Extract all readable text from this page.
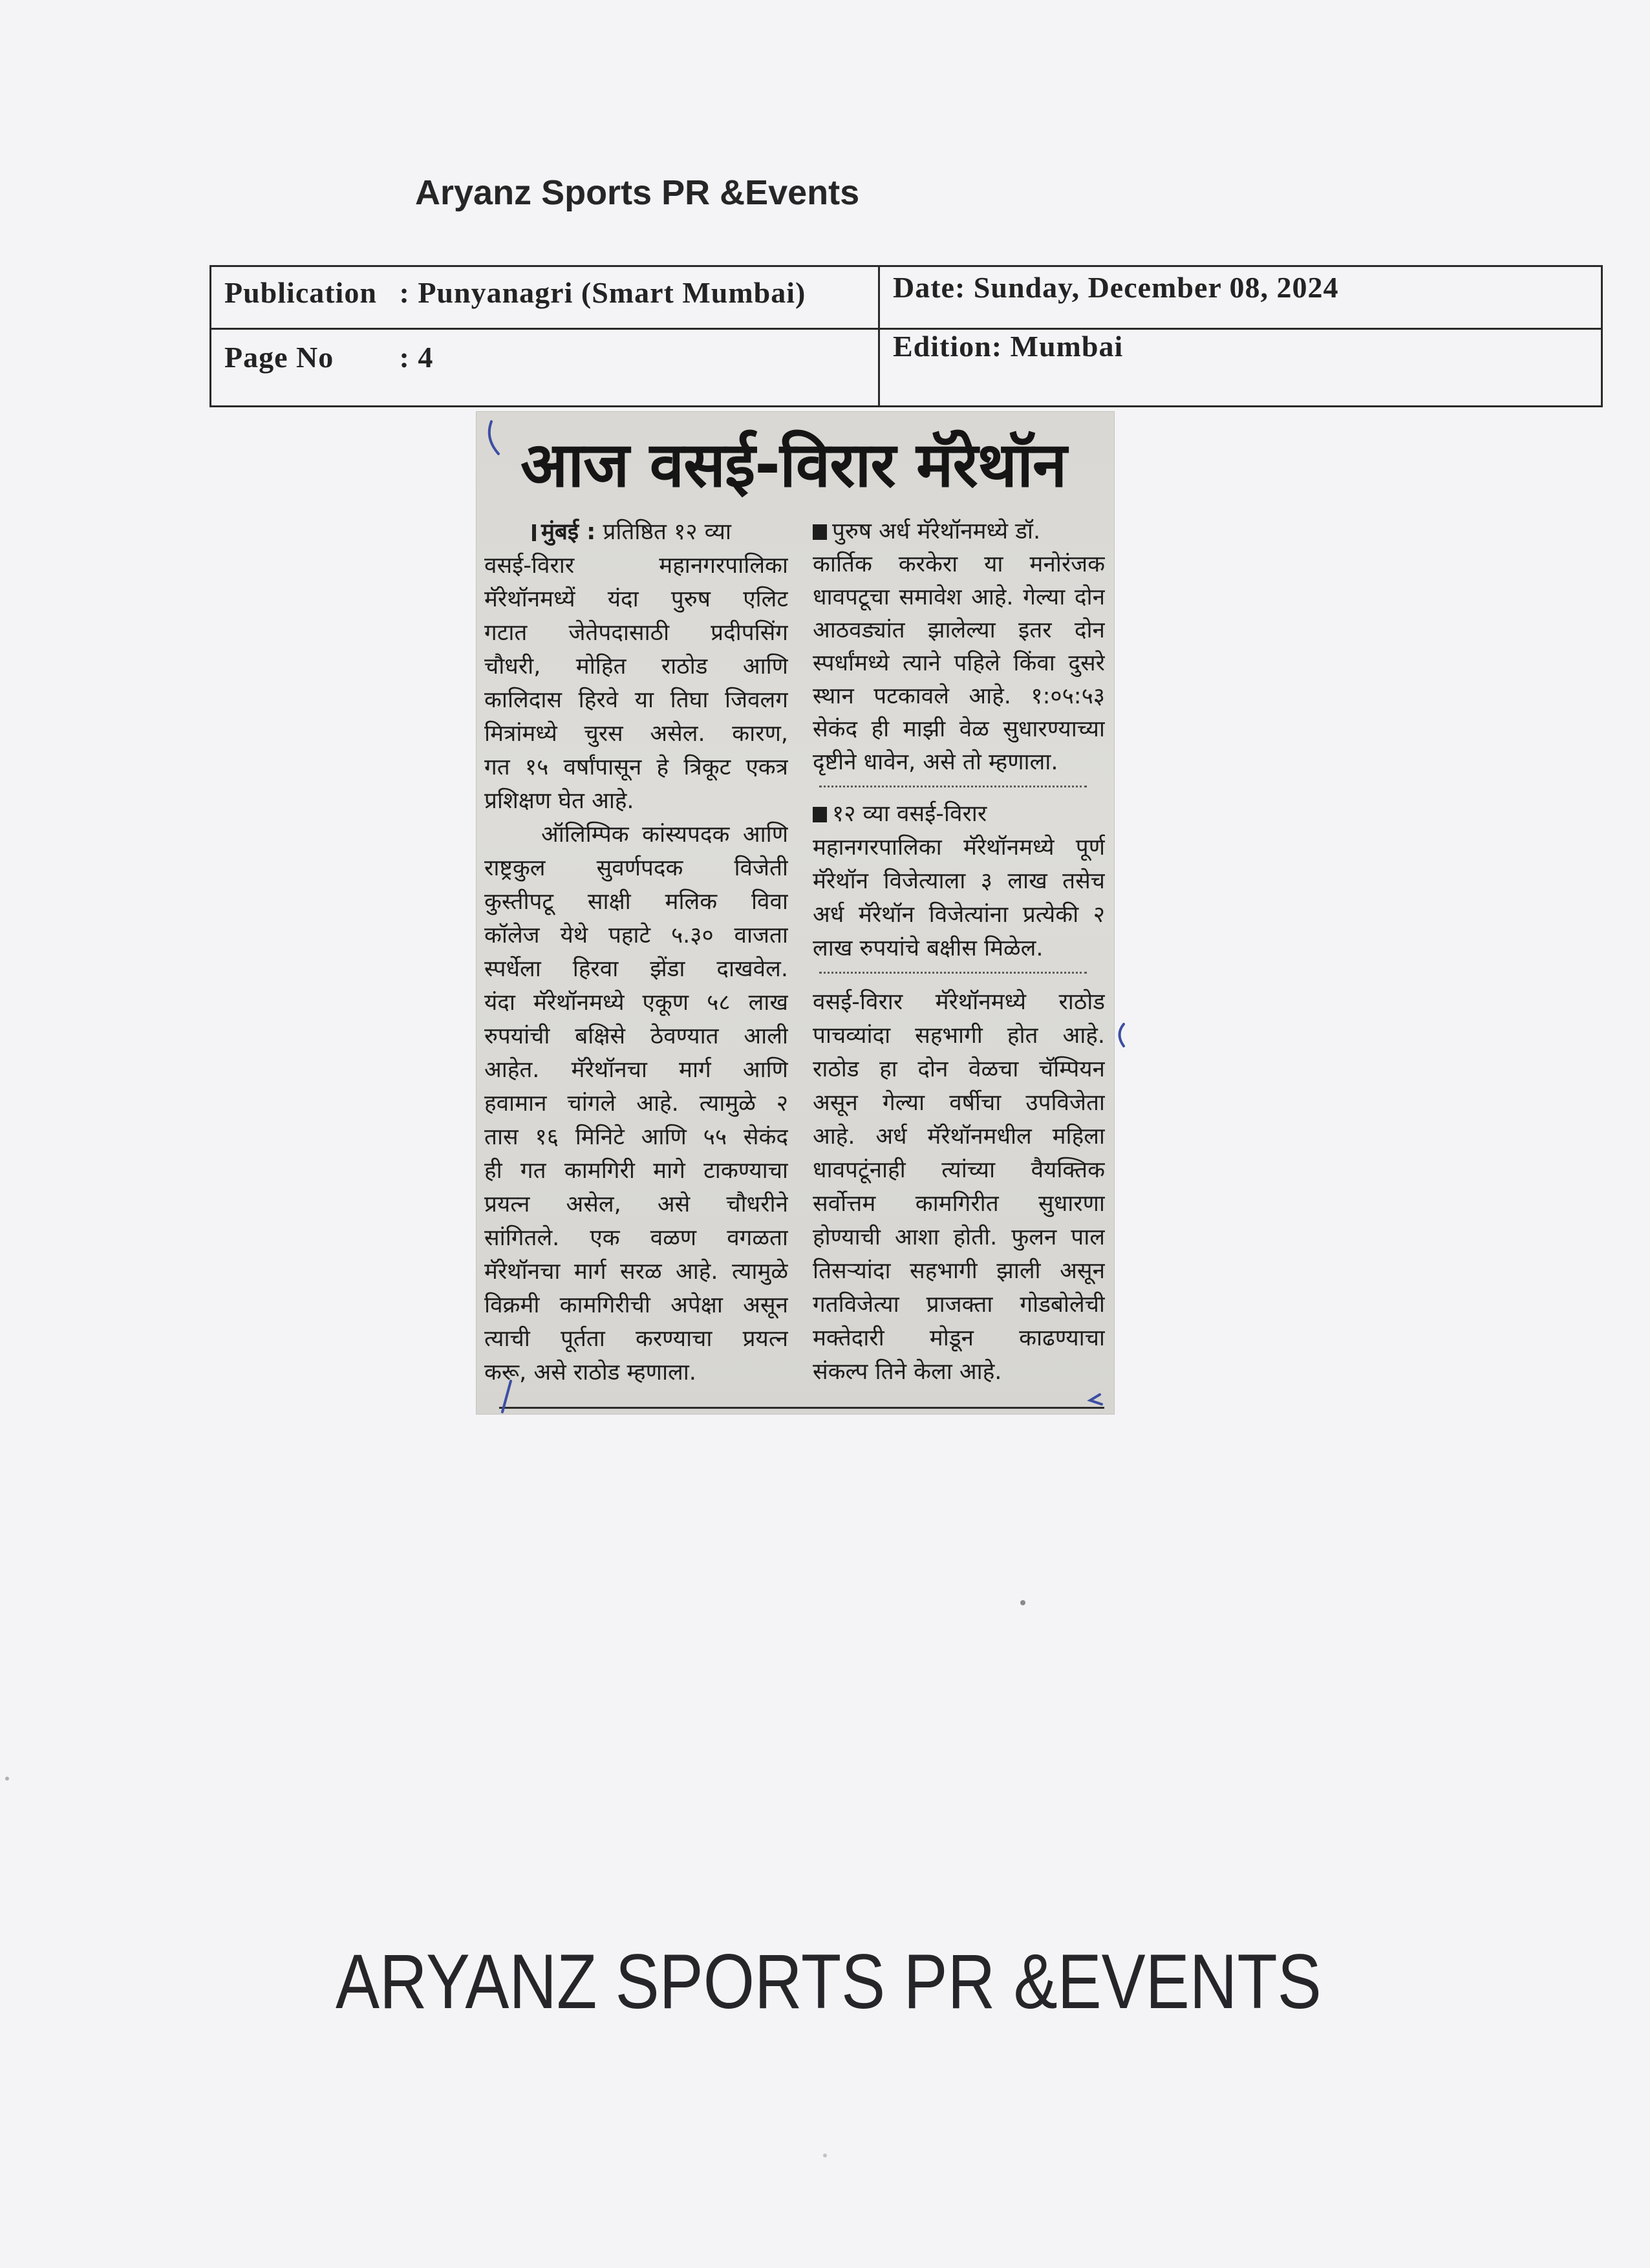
Aryanz Sports PR &Events
Publication : Punyanagri (Smart Mumbai)	Date: Sunday, December 08, 2024
Page No : 4	Edition: Mumbai
आज वसई-विरार मॅरेथॉन
मुंबई : प्रतिष्ठित १२ व्या
वसई-विरार महानगरपालिका
मॅरेथॉनमध्यें यंदा पुरुष एलिट
गटात जेतेपदासाठी प्रदीपसिंग
चौधरी, मोहित राठोड आणि
कालिदास हिरवे या तिघा जिवलग
मित्रांमध्ये चुरस असेल. कारण,
गत १५ वर्षांपासून हे त्रिकूट एकत्र
प्रशिक्षण घेत आहे.
ऑलिम्पिक कांस्यपदक आणि
राष्ट्रकुल सुवर्णपदक विजेती
कुस्तीपटू साक्षी मलिक विवा
कॉलेज येथे पहाटे ५.३० वाजता
स्पर्धेला हिरवा झेंडा दाखवेल.
यंदा मॅरेथॉनमध्ये एकूण ५८ लाख
रुपयांची बक्षिसे ठेवण्यात आली
आहेत. मॅरेथॉनचा मार्ग आणि
हवामान चांगले आहे. त्यामुळे २
तास १६ मिनिटे आणि ५५ सेकंद
ही गत कामगिरी मागे टाकण्याचा
प्रयत्न असेल, असे चौधरीने
सांगितले. एक वळण वगळता
मॅरेथॉनचा मार्ग सरळ आहे. त्यामुळे
विक्रमी कामगिरीची अपेक्षा असून
त्याची पूर्तता करण्याचा प्रयत्न
करू, असे राठोड म्हणाला.
पुरुष अर्ध मॅरेथॉनमध्ये डॉ.
कार्तिक करकेरा या मनोरंजक
धावपटूचा समावेश आहे. गेल्या दोन
आठवड्यांत झालेल्या इतर दोन
स्पर्धांमध्ये त्याने पहिले किंवा दुसरे
स्थान पटकावले आहे. १:०५:५३
सेकंद ही माझी वेळ सुधारण्याच्या
दृष्टीने धावेन, असे तो म्हणाला.
१२ व्या वसई-विरार
महानगरपालिका मॅरेथॉनमध्ये पूर्ण
मॅरेथॉन विजेत्याला ३ लाख तसेच
अर्ध मॅरेथॉन विजेत्यांना प्रत्येकी २
लाख रुपयांचे बक्षीस मिळेल.
वसई-विरार मॅरेथॉनमध्ये राठोड
पाचव्यांदा सहभागी होत आहे.
राठोड हा दोन वेळचा चॅम्पियन
असून गेल्या वर्षीचा उपविजेता
आहे. अर्ध मॅरेथॉनमधील महिला
धावपटूंनाही त्यांच्या वैयक्तिक
सर्वोत्तम कामगिरीत सुधारणा
होण्याची आशा होती. फुलन पाल
तिसऱ्यांदा सहभागी झाली असून
गतविजेत्या प्राजक्ता गोडबोलेची
मक्तेदारी मोडून काढण्याचा
संकल्प तिने केला आहे.
ARYANZ SPORTS PR &EVENTS
